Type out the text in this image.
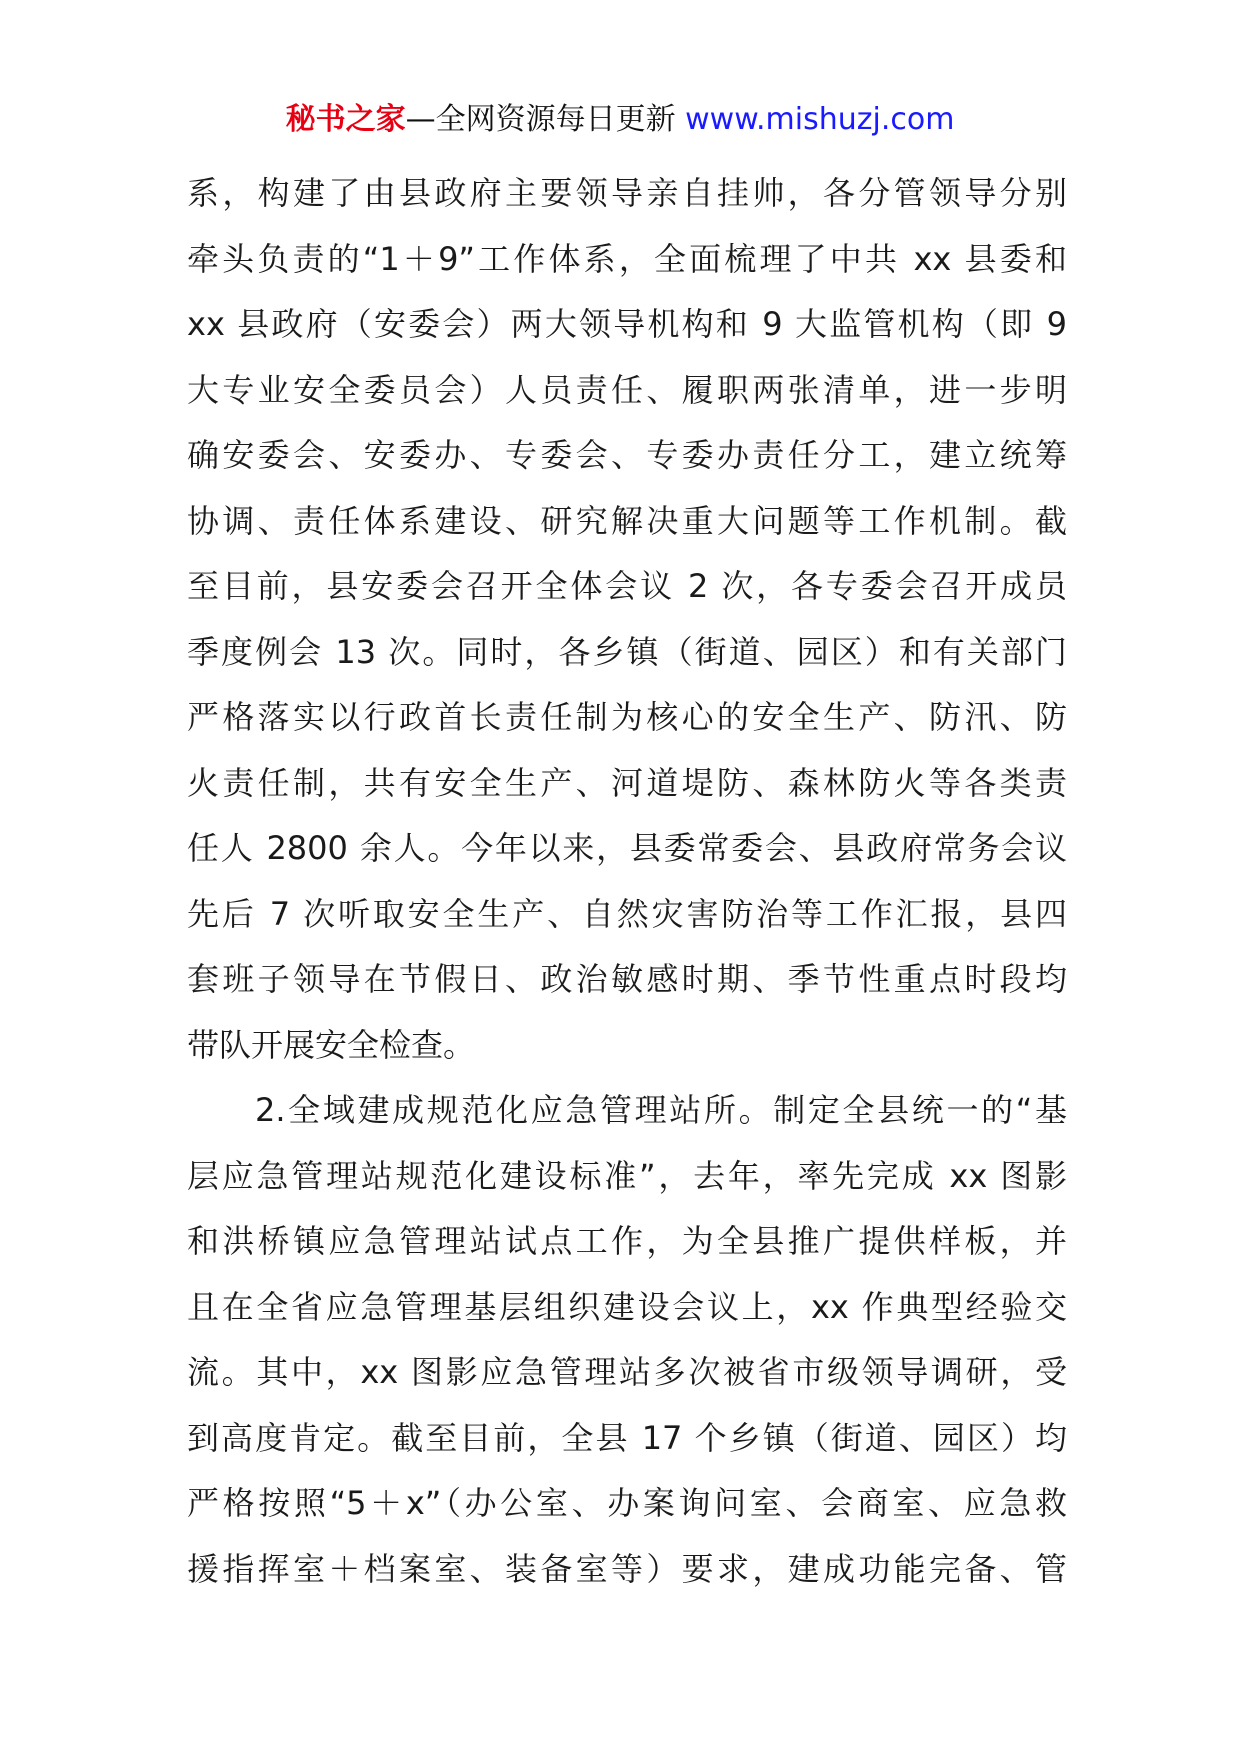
秘书之家—全网资源每日更新 www.mishuzj.com
系，构建了由县政府主要领导亲自挂帅，各分管领导分别
牵头负责的“1＋9”工作体系，全面梳理了中共 xx 县委和
xx 县政府（安委会）两大领导机构和 9 大监管机构（即 9
大专业安全委员会）人员责任、履职两张清单，进一步明
确安委会、安委办、专委会、专委办责任分工，建立统筹
协调、责任体系建设、研究解决重大问题等工作机制。截
至目前，县安委会召开全体会议 2 次，各专委会召开成员
季度例会 13 次。同时，各乡镇（街道、园区）和有关部门
严格落实以行政首长责任制为核心的安全生产、防汛、防
火责任制，共有安全生产、河道堤防、森林防火等各类责
任人 2800 余人。今年以来，县委常委会、县政府常务会议
先后 7 次听取安全生产、自然灾害防治等工作汇报，县四
套班子领导在节假日、政治敏感时期、季节性重点时段均
带队开展安全检查。
2.全域建成规范化应急管理站所。制定全县统一的“基
层应急管理站规范化建设标准”，去年，率先完成 xx 图影
和洪桥镇应急管理站试点工作，为全县推广提供样板，并
且在全省应急管理基层组织建设会议上，xx 作典型经验交
流。其中，xx 图影应急管理站多次被省市级领导调研，受
到高度肯定。截至目前，全县 17 个乡镇（街道、园区）均
严格按照“5＋x”（办公室、办案询问室、会商室、应急救
援指挥室＋档案室、装备室等）要求，建成功能完备、管
